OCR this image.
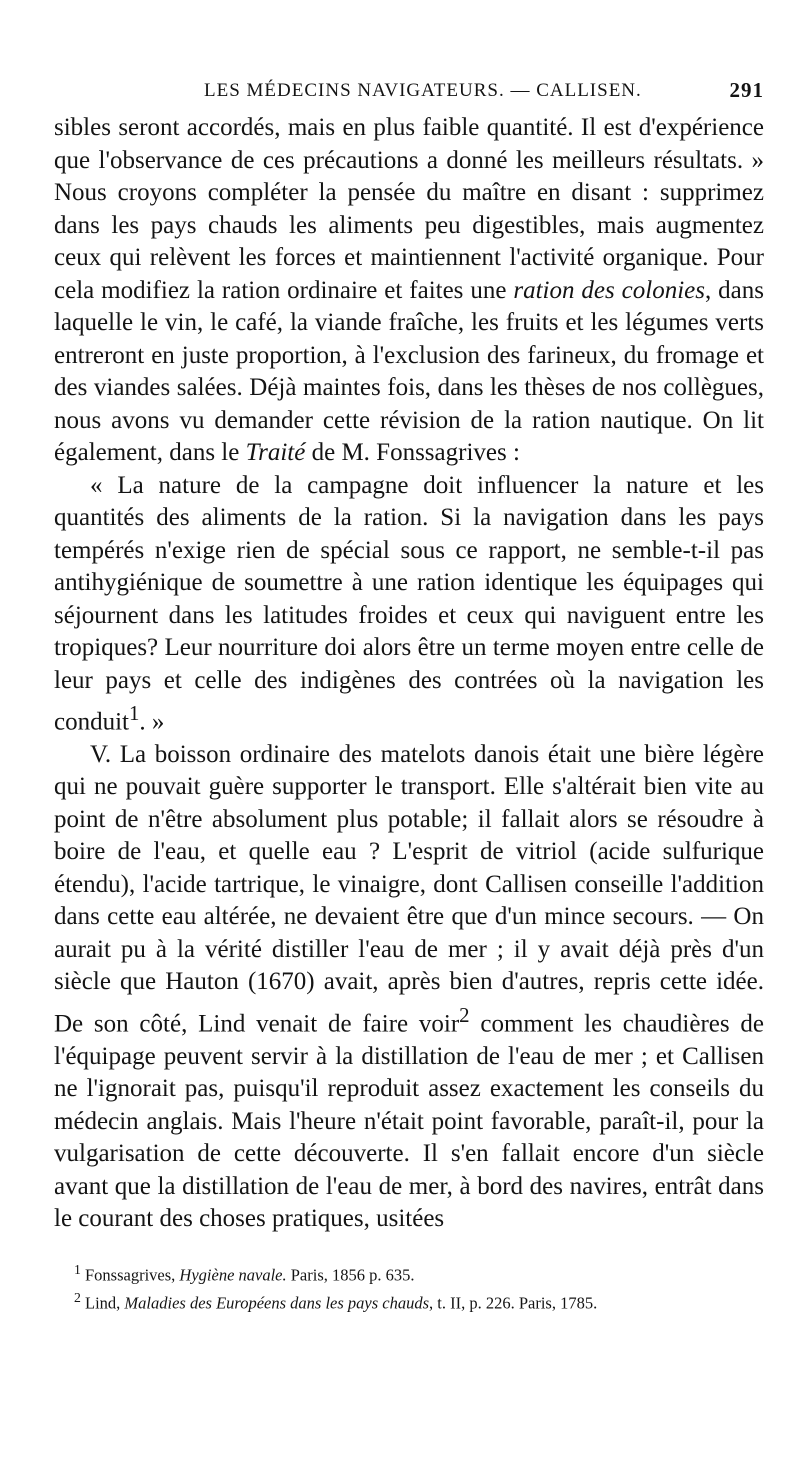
LES MÉDECINS NAVIGATEURS. — CALLISEN.	291

sibles seront accordés, mais en plus faible quantité. Il est d'expérience que l'observance de ces précautions a donné les meilleurs résultats. » Nous croyons compléter la pensée du maître en disant : supprimez dans les pays chauds les aliments peu digestibles, mais augmentez ceux qui relèvent les forces et maintiennent l'activité organique. Pour cela modifiez la ration ordinaire et faites une ration des colonies, dans laquelle le vin, le café, la viande fraîche, les fruits et les légumes verts entreront en juste proportion, à l'exclusion des farineux, du fromage et des viandes salées. Déjà maintes fois, dans les thèses de nos collègues, nous avons vu demander cette révision de la ration nautique. On lit également, dans le Traité de M. Fonssagrives :

« La nature de la campagne doit influencer la nature et les quantités des aliments de la ration. Si la navigation dans les pays tempérés n'exige rien de spécial sous ce rapport, ne semble-t-il pas antihygiénique de soumettre à une ration identique les équipages qui séjournent dans les latitudes froides et ceux qui naviguent entre les tropiques? Leur nourriture doi alors être un terme moyen entre celle de leur pays et celle des indigènes des contrées où la navigation les conduit$^1$. »

V. La boisson ordinaire des matelots danois était une bière légère qui ne pouvait guère supporter le transport. Elle s'altérait bien vite au point de n'être absolument plus potable; il fallait alors se résoudre à boire de l'eau, et quelle eau ? L'esprit de vitriol (acide sulfurique étendu), l'acide tartrique, le vinaigre, dont Callisen conseille l'addition dans cette eau altérée, ne devaient être que d'un mince secours. — On aurait pu à la vérité distiller l'eau de mer ; il y avait déjà près d'un siècle que Hauton (1670) avait, après bien d'autres, repris cette idée. De son côté, Lind venait de faire voir$^2$ comment les chaudières de l'équipage peuvent servir à la distillation de l'eau de mer ; et Callisen ne l'ignorait pas, puisqu'il reproduit assez exactement les conseils du médecin anglais. Mais l'heure n'était point favorable, paraît-il, pour la vulgarisation de cette découverte. Il s'en fallait encore d'un siècle avant que la distillation de l'eau de mer, à bord des navires, entrât dans le courant des choses pratiques, usitées

$^1$ Fonssagrives, Hygiène navale. Paris, 1856 p. 635.

$^2$ Lind, Maladies des Européens dans les pays chauds, t. II, p. 226. Paris, 1785.
